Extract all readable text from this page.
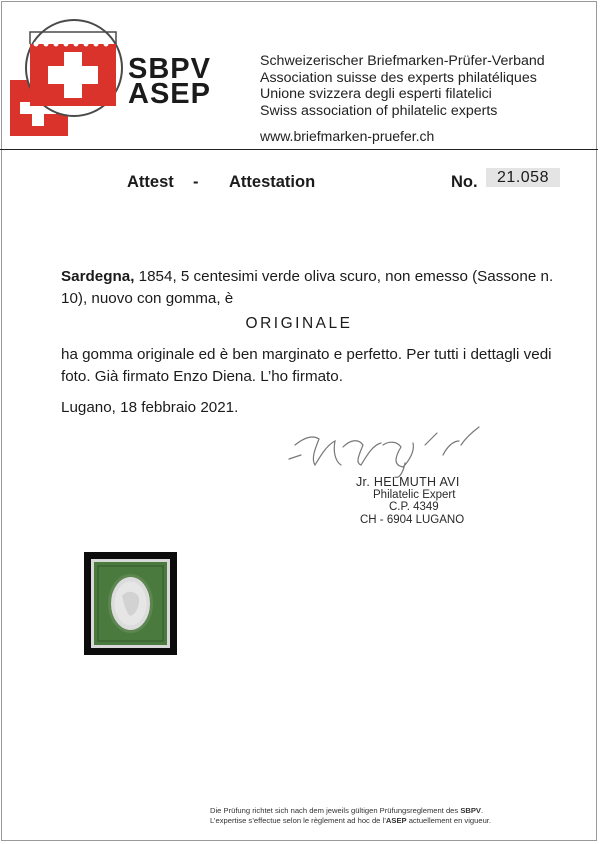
SBPV
ASEP
Schweizerischer Briefmarken-Prüfer-Verband
Association suisse des experts philatéliques
Unione svizzera degli esperti filatelici
Swiss association of philatelic experts
www.briefmarken-pruefer.ch
Attest - Attestation	No.	21.058
Sardegna, 1854, 5 centesimi verde oliva scuro, non emesso (Sassone n. 10), nuovo con gomma, è
ORIGINALE
ha gomma originale ed è ben marginato e perfetto. Per tutti i dettagli vedi foto. Già firmato Enzo Diena. L’ho firmato.
Lugano, 18 febbraio 2021.
Jr. HELMUTH AVI
Philatelic Expert
C.P. 4349
CH - 6904 LUGANO
Die Prüfung richtet sich nach dem jeweils gültigen Prüfungsreglement des SBPV.
L’expertise s’effectue selon le règlement ad hoc de l’ASEP actuellement en vigueur.
